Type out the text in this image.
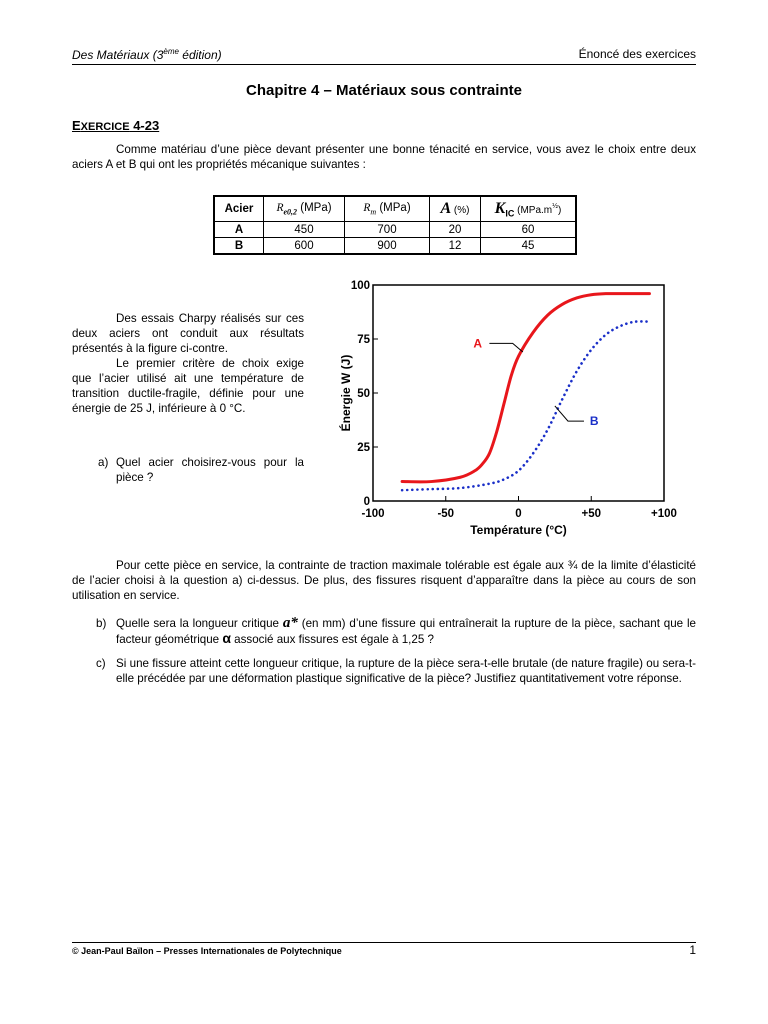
Des Matériaux (3ème édition)	Énoncé des exercices
Chapitre 4 – Matériaux sous contrainte
EXERCICE 4-23
Comme matériau d’une pièce devant présenter une bonne ténacité en service, vous avez le choix entre deux aciers A et B qui ont les propriétés mécanique suivantes :
Acier	$R_{e0,2}$ (MPa)	$R_m$ (MPa)	A (%)	$K_{IC}$ $(MPa.m^{\frac{1}{2}})$
A	450	700	20	60
B	600	900	12	45

Des essais Charpy réalisés sur ces deux aciers ont conduit aux résultats présentés à la figure ci-contre.

Le premier critère de choix exige que l’acier utilisé ait une température de transition ductile-fragile, définie pour une énergie de 25 J, inférieure à 0 °C.

a) Quel acier choisirez-vous pour la pièce ?
-100	-50	0	+50	+100
0
25
50
75
100
Température (°C)
Énergie W (J)
A
B
Pour cette pièce en service, la contrainte de traction maximale tolérable est égale aux ¾ de la limite d’élasticité de l’acier choisi à la question a) ci-dessus. De plus, des fissures risquent d’apparaître dans la pièce au cours de son utilisation en service.
b) Quelle sera la longueur critique a* (en mm) d’une fissure qui entraînerait la rupture de la pièce, sachant que le facteur géométrique α associé aux fissures est égale à 1,25 ?
c) Si une fissure atteint cette longueur critique, la rupture de la pièce sera-t-elle brutale (de nature fragile) ou sera-t-elle précédée par une déformation plastique significative de la pièce? Justifiez quantitativement votre réponse.
© Jean-Paul Baïlon – Presses Internationales de Polytechnique	1
